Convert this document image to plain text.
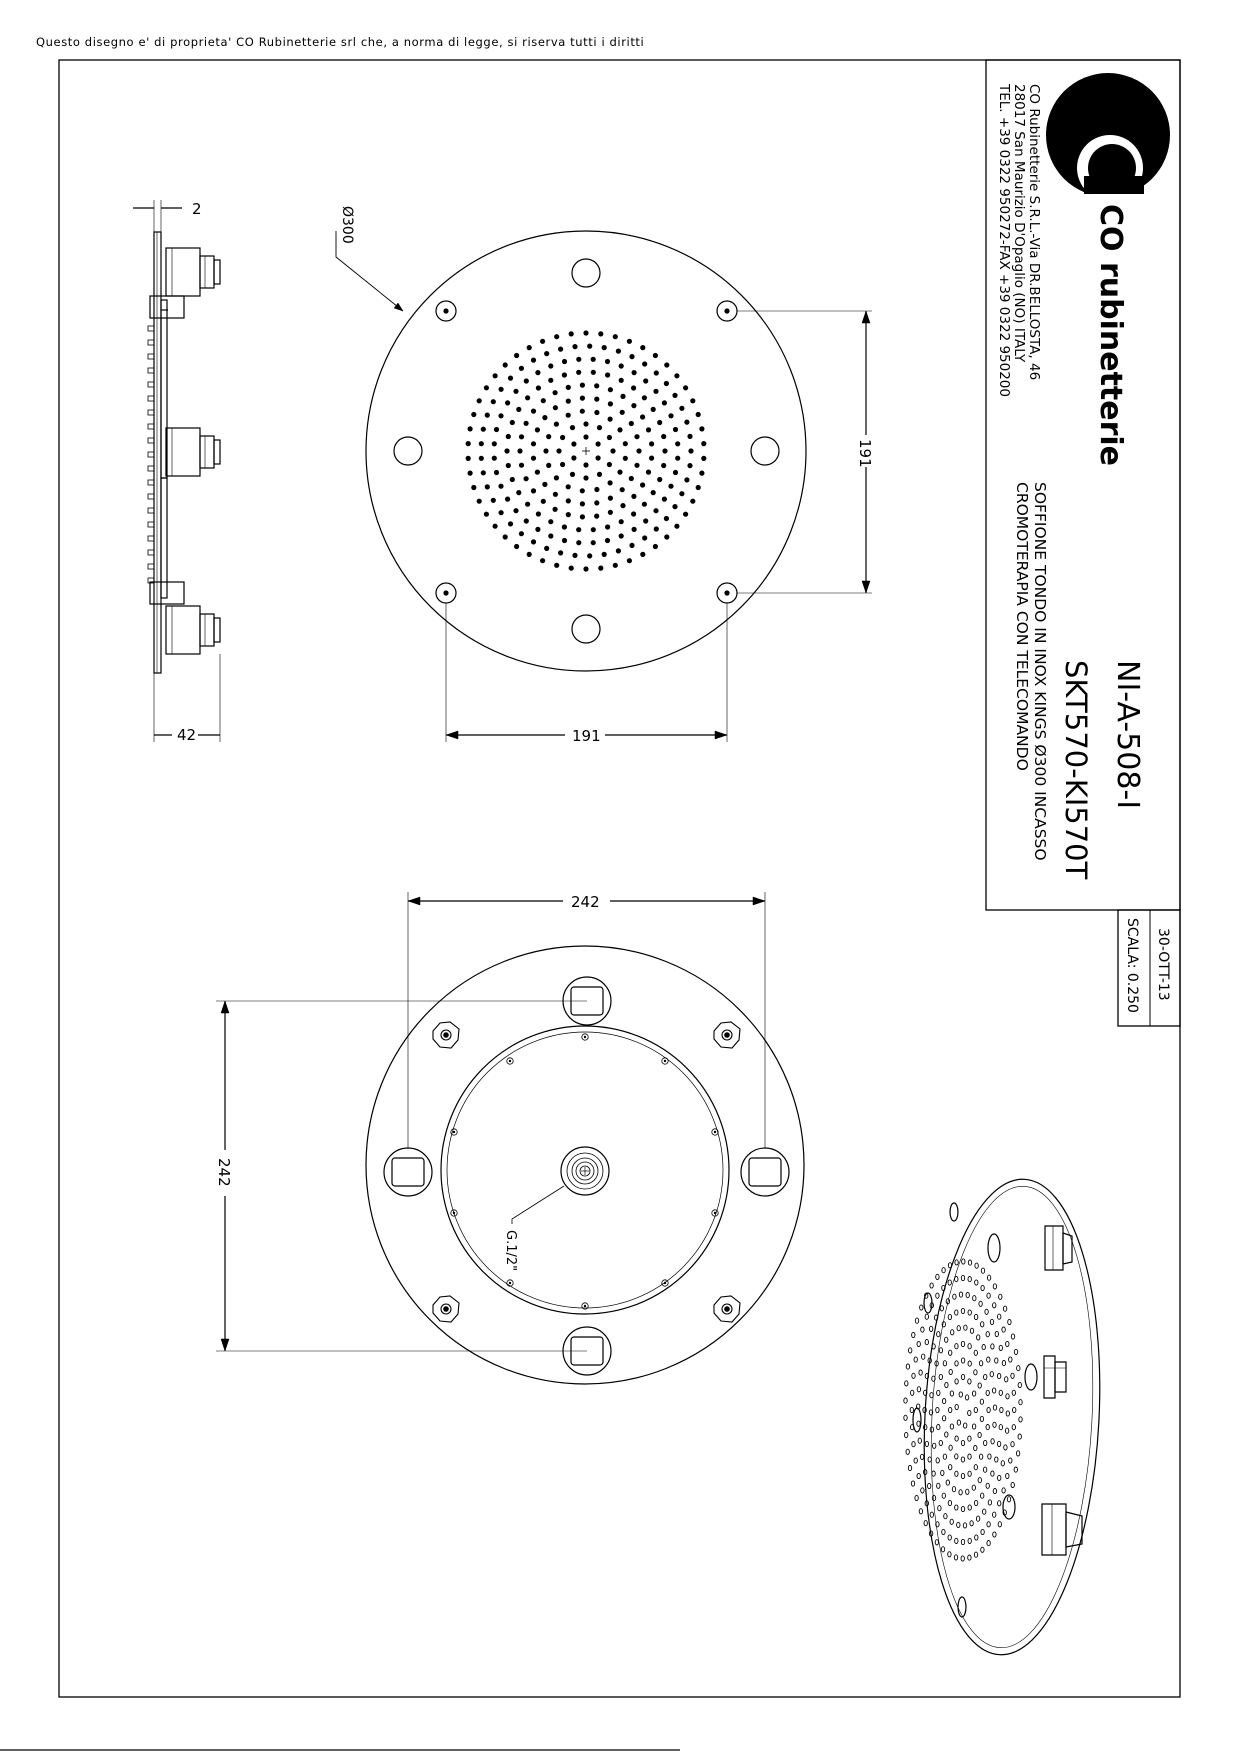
Questo disegno e' di proprieta' CO Rubinetterie srl che, a norma di legge, si riserva tutti i diritti
CO rubinetterie
CO Rubinetterie S.R.L.-Via DR.BELLOSTA, 46
28017 San Maurizio D'Opaglio (NO) ITALY
TEL. +39 0322 950272-FAX +39 0322 950200
NI-A-508-I
SKT570-KI570T
SOFFIONE TONDO IN INOX KINGS Ø300 INCASSO
CROMOTERAPIA CON TELECOMANDO
30-OTT-13
SCALA: 0.250
2
42
Ø300
191
191
242
242
G.1/2"
